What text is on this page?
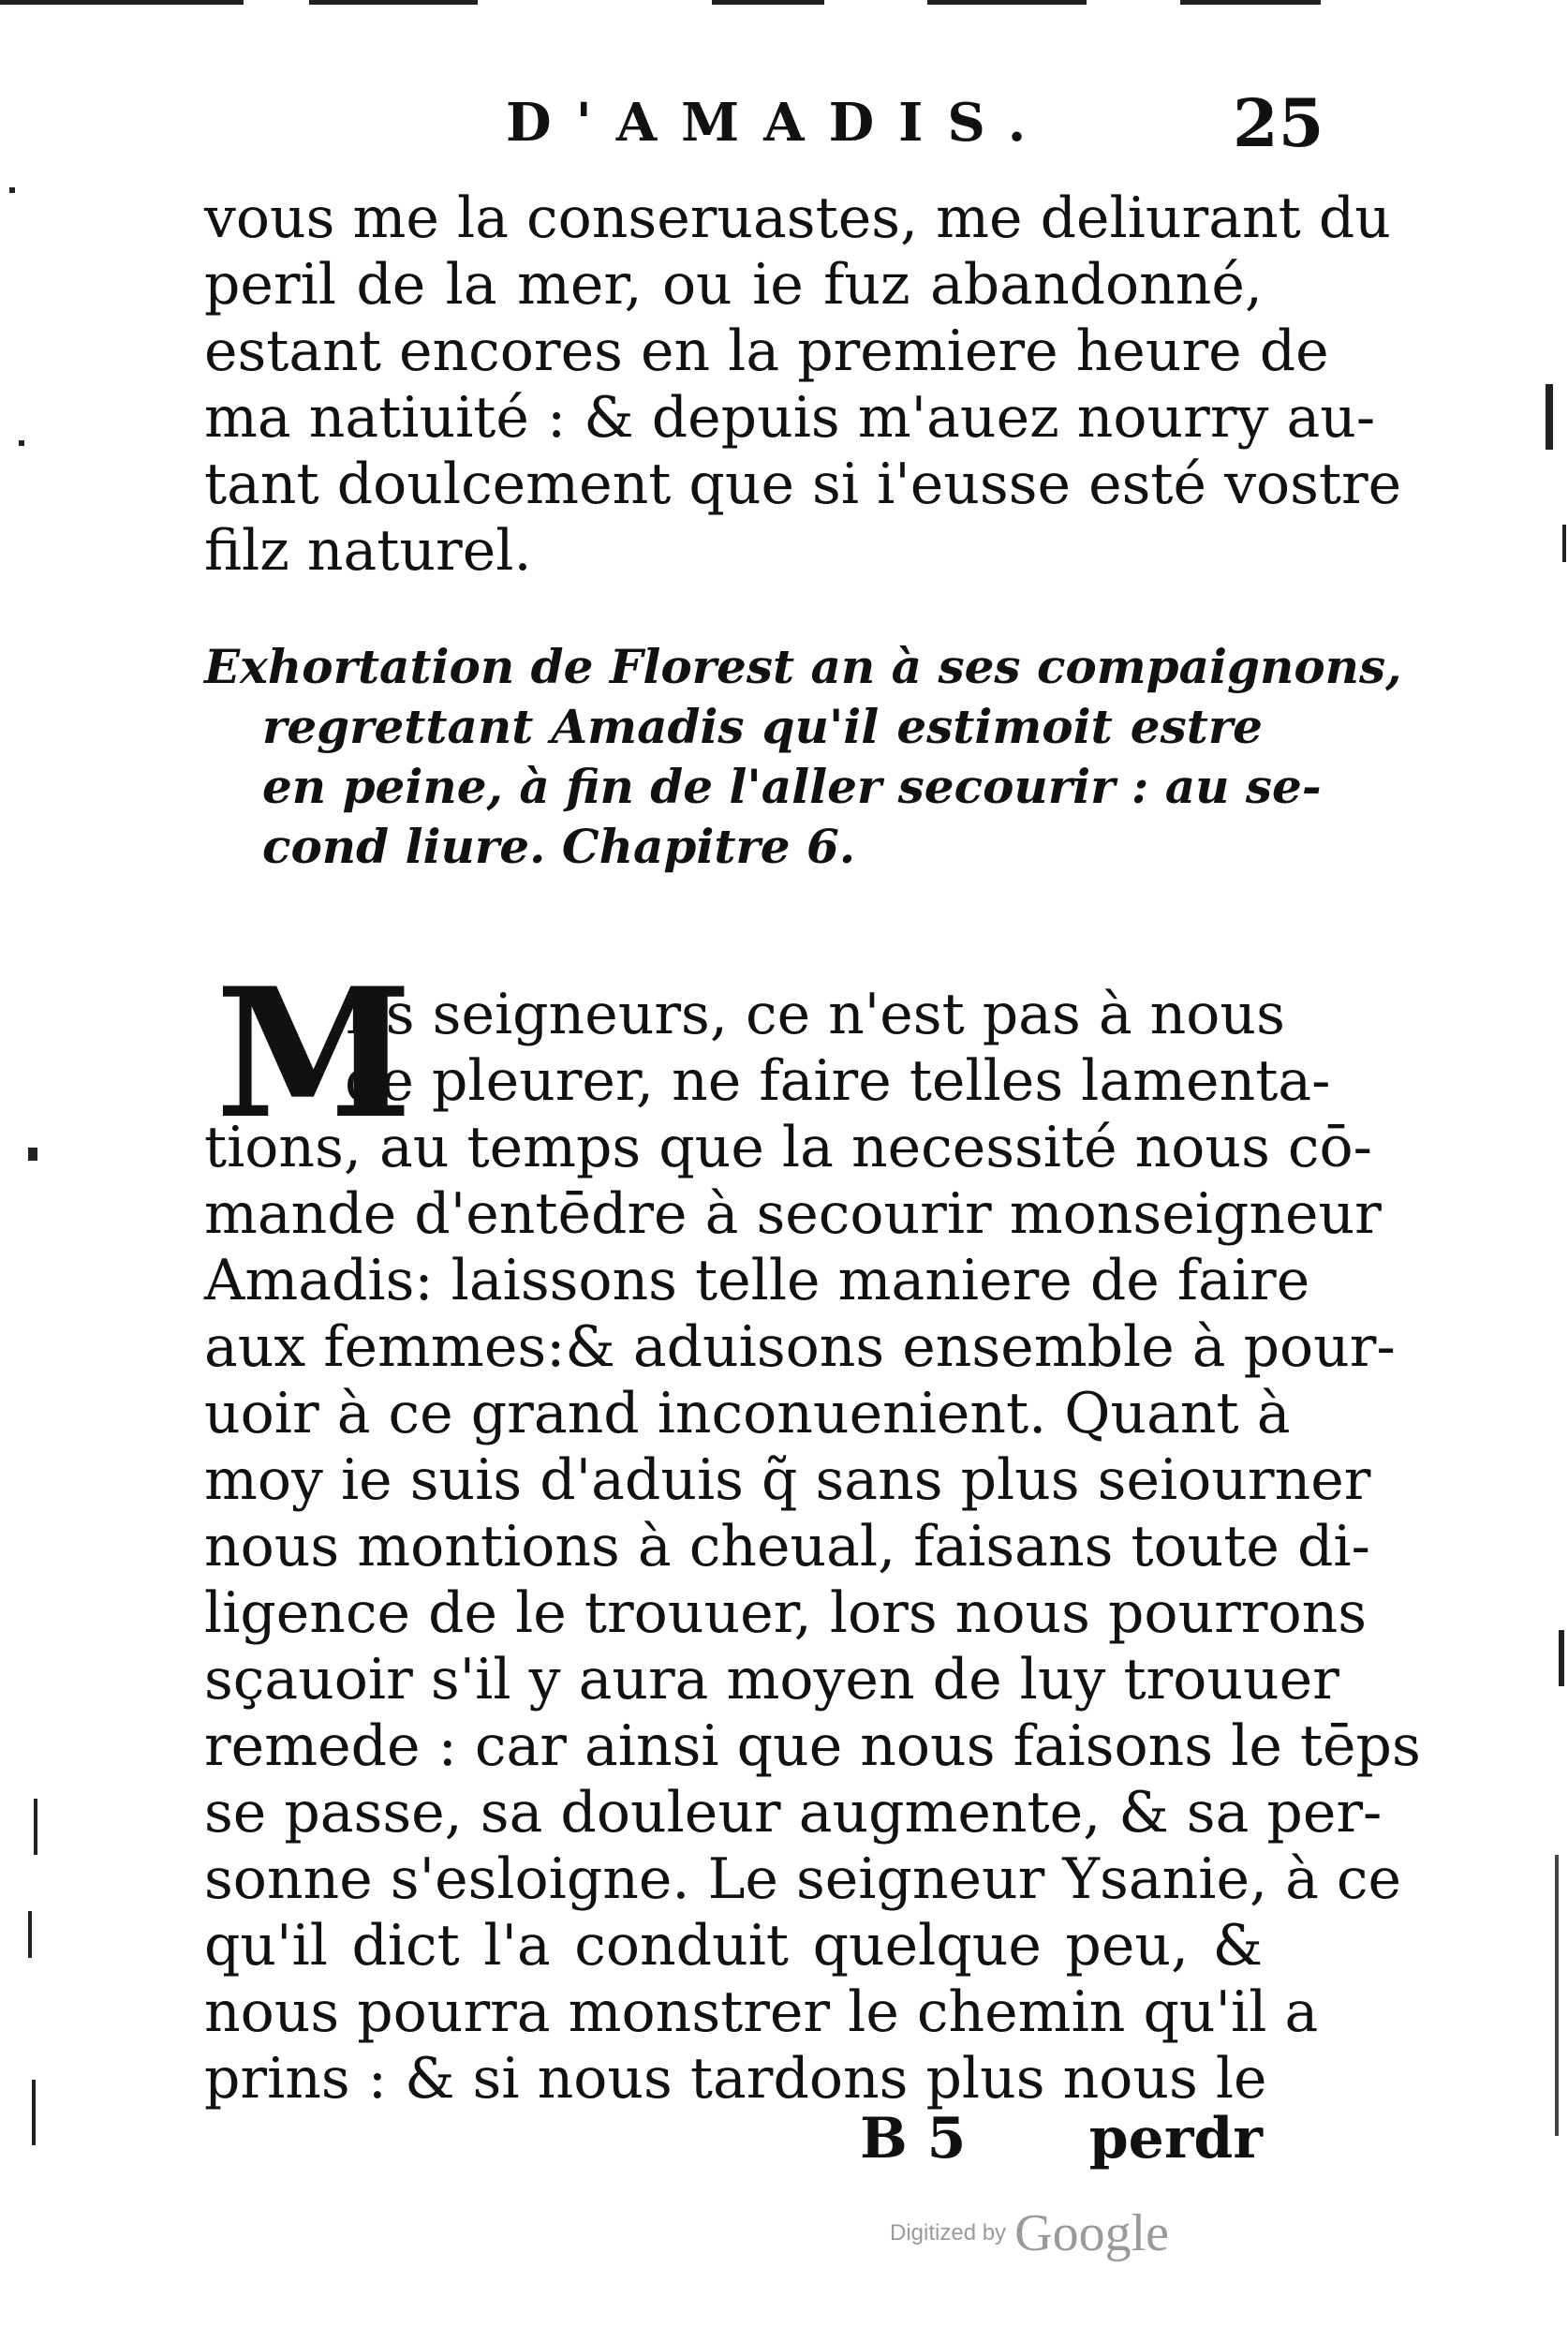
D'AMADIS.	25
vous me la conseruastes, me deliurant du
peril de la mer, ou ie fuz abandonné,
estant encores en la premiere heure de
ma natiuité : & depuis m'auez nourry au-
tant doulcement que si i'eusse esté vostre
filz naturel.
Exhortation de Florest an à ses compaignons,
regrettant Amadis qu'il estimoit estre
en peine, à fin de l'aller secourir : au se-
cond liure. Chapitre 6.
M
Es seigneurs, ce n'est pas à nous
de pleurer, ne faire telles lamenta-
tions, au temps que la necessité nous cō-
mande d'entēdre à secourir monseigneur
Amadis: laissons telle maniere de faire
aux femmes:& aduisons ensemble à pour-
uoir à ce grand inconuenient. Quant à
moy ie suis d'aduis q̃ sans plus seiourner
nous montions à cheual, faisans toute di-
ligence de le trouuer, lors nous pourrons
sçauoir s'il y aura moyen de luy trouuer
remede : car ainsi que nous faisons le tēps
se passe, sa douleur augmente, & sa per-
sonne s'esloigne. Le seigneur Ysanie, à ce
qu'il dict l'a conduit quelque peu, &
nous pourra monstrer le chemin qu'il a
prins : & si nous tardons plus nous le
B 5 perdr
Digitized by Google
